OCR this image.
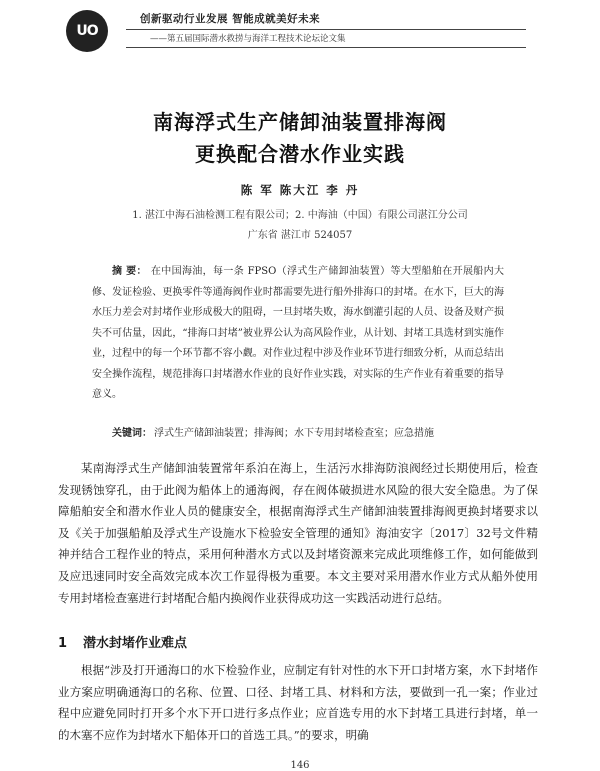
UO
创新驱动行业发展 智能成就美好未来
——第五届国际潜水救捞与海洋工程技术论坛论文集
南海浮式生产储卸油装置排海阀
更换配合潜水作业实践
陈 军 陈大江 李 丹
1. 湛江中海石油检测工程有限公司；2. 中海油（中国）有限公司湛江分公司
广东省 湛江市 524057
摘 要： 在中国海油，每一条 FPSO（浮式生产储卸油装置）等大型船舶在开展船内大修、发证检验、更换零件等通海阀作业时都需要先进行船外排海口的封堵。在水下，巨大的海水压力差会对封堵作业形成极大的阻碍，一旦封堵失败，海水倒灌引起的人员、设备及财产损失不可估量，因此，“排海口封堵”被业界公认为高风险作业，从计划、封堵工具选材到实施作业，过程中的每一个环节都不容小觑。对作业过程中涉及作业环节进行细致分析，从而总结出安全操作流程，规范排海口封堵潜水作业的良好作业实践，对实际的生产作业有着重要的指导意义。
关键词： 浮式生产储卸油装置；排海阀；水下专用封堵检查室；应急措施

某南海浮式生产储卸油装置常年系泊在海上，生活污水排海防浪阀经过长期使用后，检查发现锈蚀穿孔，由于此阀为船体上的通海阀，存在阀体破损进水风险的很大安全隐患。为了保障船舶安全和潜水作业人员的健康安全，根据南海浮式生产储卸油装置排海阀更换封堵要求以及《关于加强船舶及浮式生产设施水下检验安全管理的通知》海油安字〔2017〕32号文件精神并结合工程作业的特点，采用何种潜水方式以及封堵资源来完成此项维修工作，如何能做到及应迅速同时安全高效完成本次工作显得极为重要。本文主要对采用潜水作业方式从船外使用专用封堵检查塞进行封堵配合船内换阀作业获得成功这一实践活动进行总结。

1 潜水封堵作业难点

根据“涉及打开通海口的水下检验作业，应制定有针对性的水下开口封堵方案，水下封堵作业方案应明确通海口的名称、位置、口径、封堵工具、材料和方法，要做到一孔一案；作业过程中应避免同时打开多个水下开口进行多点作业；应首选专用的水下封堵工具进行封堵，单一的木塞不应作为封堵水下船体开口的首选工具。”的要求，明确

146
